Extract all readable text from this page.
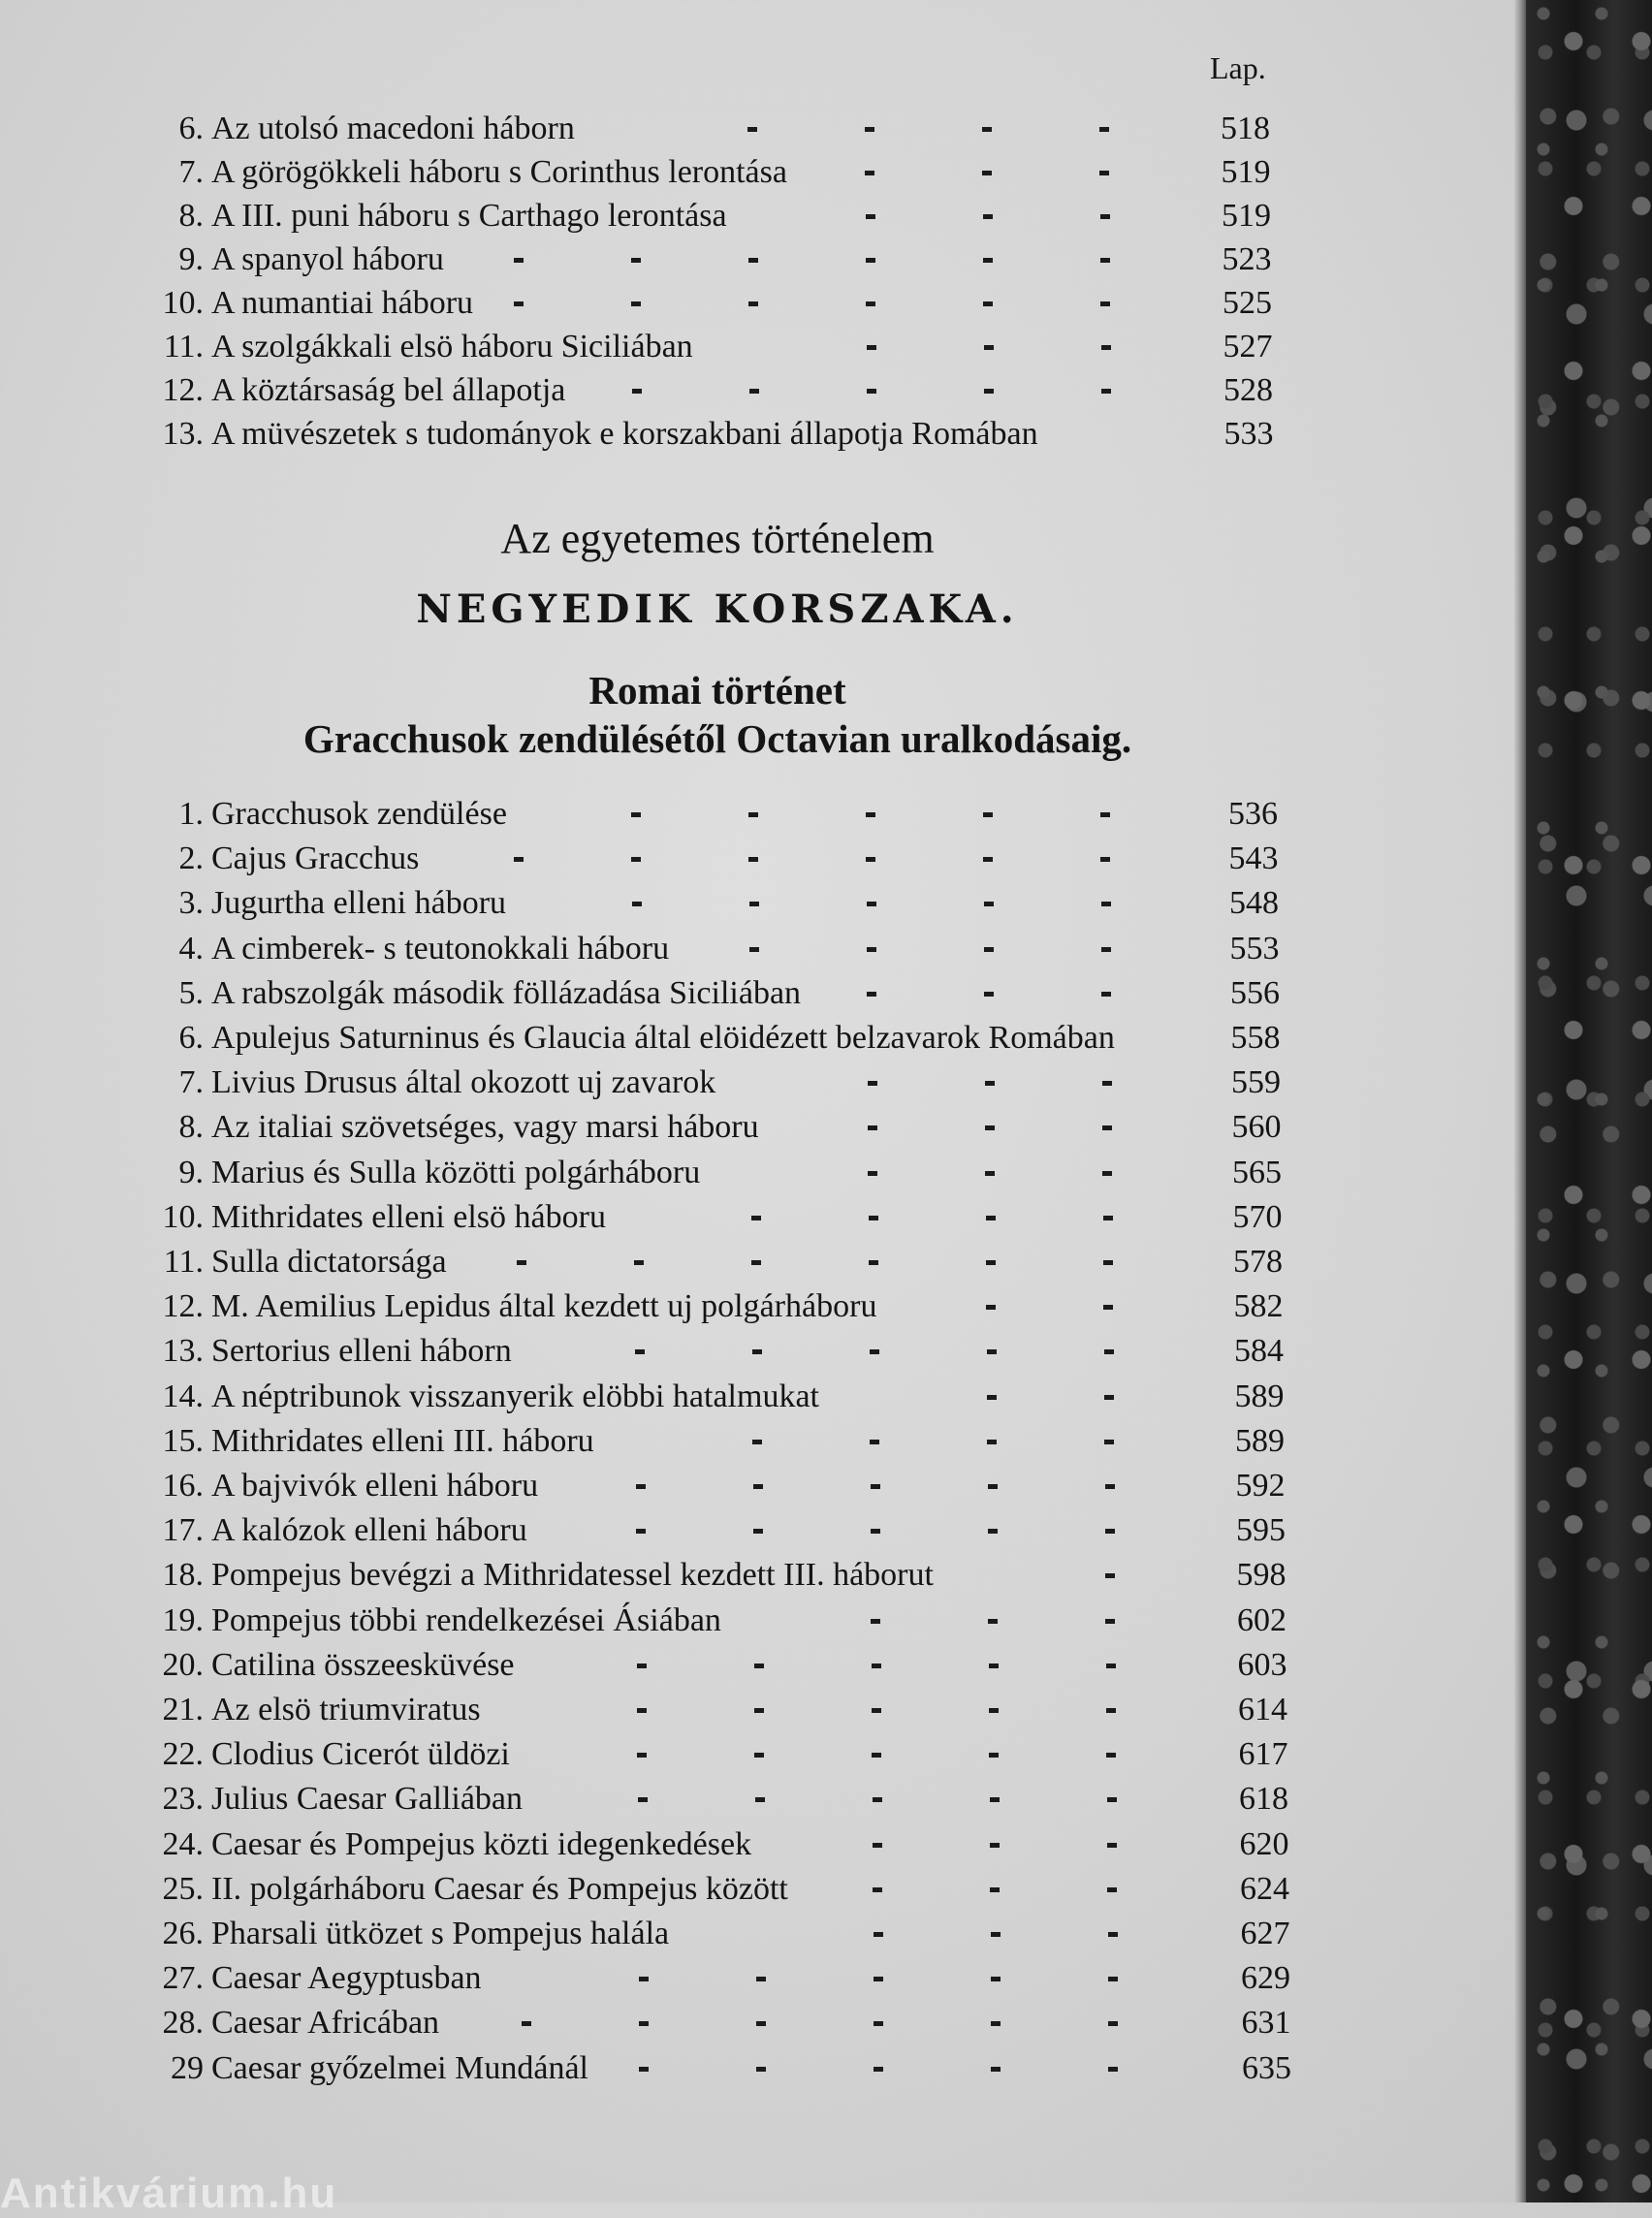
Lap.
6. Az utolsó macedoni háborn	518
7. A görögökkeli háboru s Corinthus lerontása	519
8. A III. puni háboru s Carthago lerontása	519
9. A spanyol háboru	523
10. A numantiai háboru	525
11. A szolgákkali elsö háboru Siciliában	527
12. A köztársaság bel állapotja	528
13. A müvészetek s tudományok e korszakbani állapotja Romában	533
Az egyetemes történelem
NEGYEDIK KORSZAKA.
Romai történet
Gracchusok zendülésétől Octavian uralkodásaig.
1. Gracchusok zendülése	536
2. Cajus Gracchus	543
3. Jugurtha elleni háboru	548
4. A cimberek- s teutonokkali háboru	553
5. A rabszolgák második föllázadása Siciliában	556
6. Apulejus Saturninus és Glaucia által elöidézett belzavarok Romában	558
7. Livius Drusus által okozott uj zavarok	559
8. Az italiai szövetséges, vagy marsi háboru	560
9. Marius és Sulla közötti polgárháboru	565
10. Mithridates elleni elsö háboru	570
11. Sulla dictatorsága	578
12. M. Aemilius Lepidus által kezdett uj polgárháboru	582
13. Sertorius elleni háborn	584
14. A néptribunok visszanyerik elöbbi hatalmukat	589
15. Mithridates elleni III. háboru	589
16. A bajvivók elleni háboru	592
17. A kalózok elleni háboru	595
18. Pompejus bevégzi a Mithridatessel kezdett III. háborut	598
19. Pompejus többi rendelkezései Ásiában	602
20. Catilina összeesküvése	603
21. Az elsö triumviratus	614
22. Clodius Cicerót üldözi	617
23. Julius Caesar Galliában	618
24. Caesar és Pompejus közti idegenkedések	620
25. II. polgárháboru Caesar és Pompejus között	624
26. Pharsali ütközet s Pompejus halála	627
27. Caesar Aegyptusban	629
28. Caesar Africában	631
29 Caesar győzelmei Mundánál	635
Antikvárium.hu
